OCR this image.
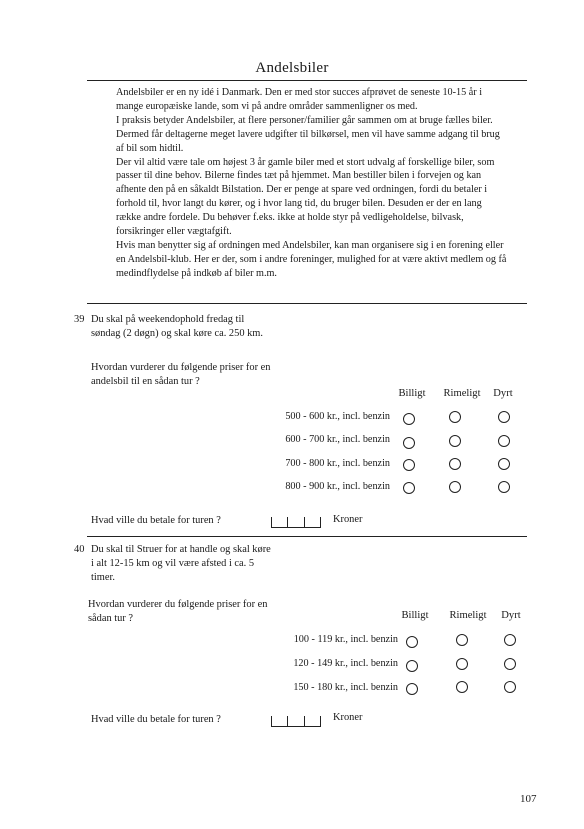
Andelsbiler

Andelsbiler er en ny idé i Danmark. Den er med stor succes afprøvet de seneste 10-15 år i mange europæiske lande, som vi på andre områder sammenligner os med.

I praksis betyder Andelsbiler, at flere personer/familier går sammen om at bruge fælles biler. Dermed får deltagerne meget lavere udgifter til bilkørsel, men vil have samme adgang til brug af bil som hidtil.

Der vil altid være tale om højest 3 år gamle biler med et stort udvalg af forskellige biler, som passer til dine behov. Bilerne findes tæt på hjemmet. Man bestiller bilen i forvejen og kan afhente den på en såkaldt Bilstation. Der er penge at spare ved ordningen, fordi du betaler i forhold til, hvor langt du kører, og i hvor lang tid, du bruger bilen. Desuden er der en lang række andre fordele. Du behøver f.eks. ikke at holde styr på vedligeholdelse, bilvask, forsikringer eller vægtafgift.

Hvis man benytter sig af ordningen med Andelsbiler, kan man organisere sig i en forening eller en Andelsbil-klub. Her er der, som i andre foreninger, mulighed for at være aktivt medlem og få medindflydelse på indkøb af biler m.m.

39 Du skal på weekendophold fredag til søndag (2 døgn) og skal køre ca. 250 km.
Hvordan vurderer du følgende priser for en andelsbil til en sådan tur ?
Billigt	Rimeligt	Dyrt
500 - 600 kr., incl. benzin
600 - 700 kr., incl. benzin
700 - 800 kr., incl. benzin
800 - 900 kr., incl. benzin
Hvad ville du betale for turen ?	Kroner
40 Du skal til Struer for at handle og skal køre i alt 12-15 km og vil være afsted i ca. 5 timer.
Hvordan vurderer du følgende priser for en sådan tur ?	Billigt	Rimeligt	Dyrt
100 - 119 kr., incl. benzin
120 - 149 kr., incl. benzin
150 - 180 kr., incl. benzin
Hvad ville du betale for turen ?	Kroner
107
